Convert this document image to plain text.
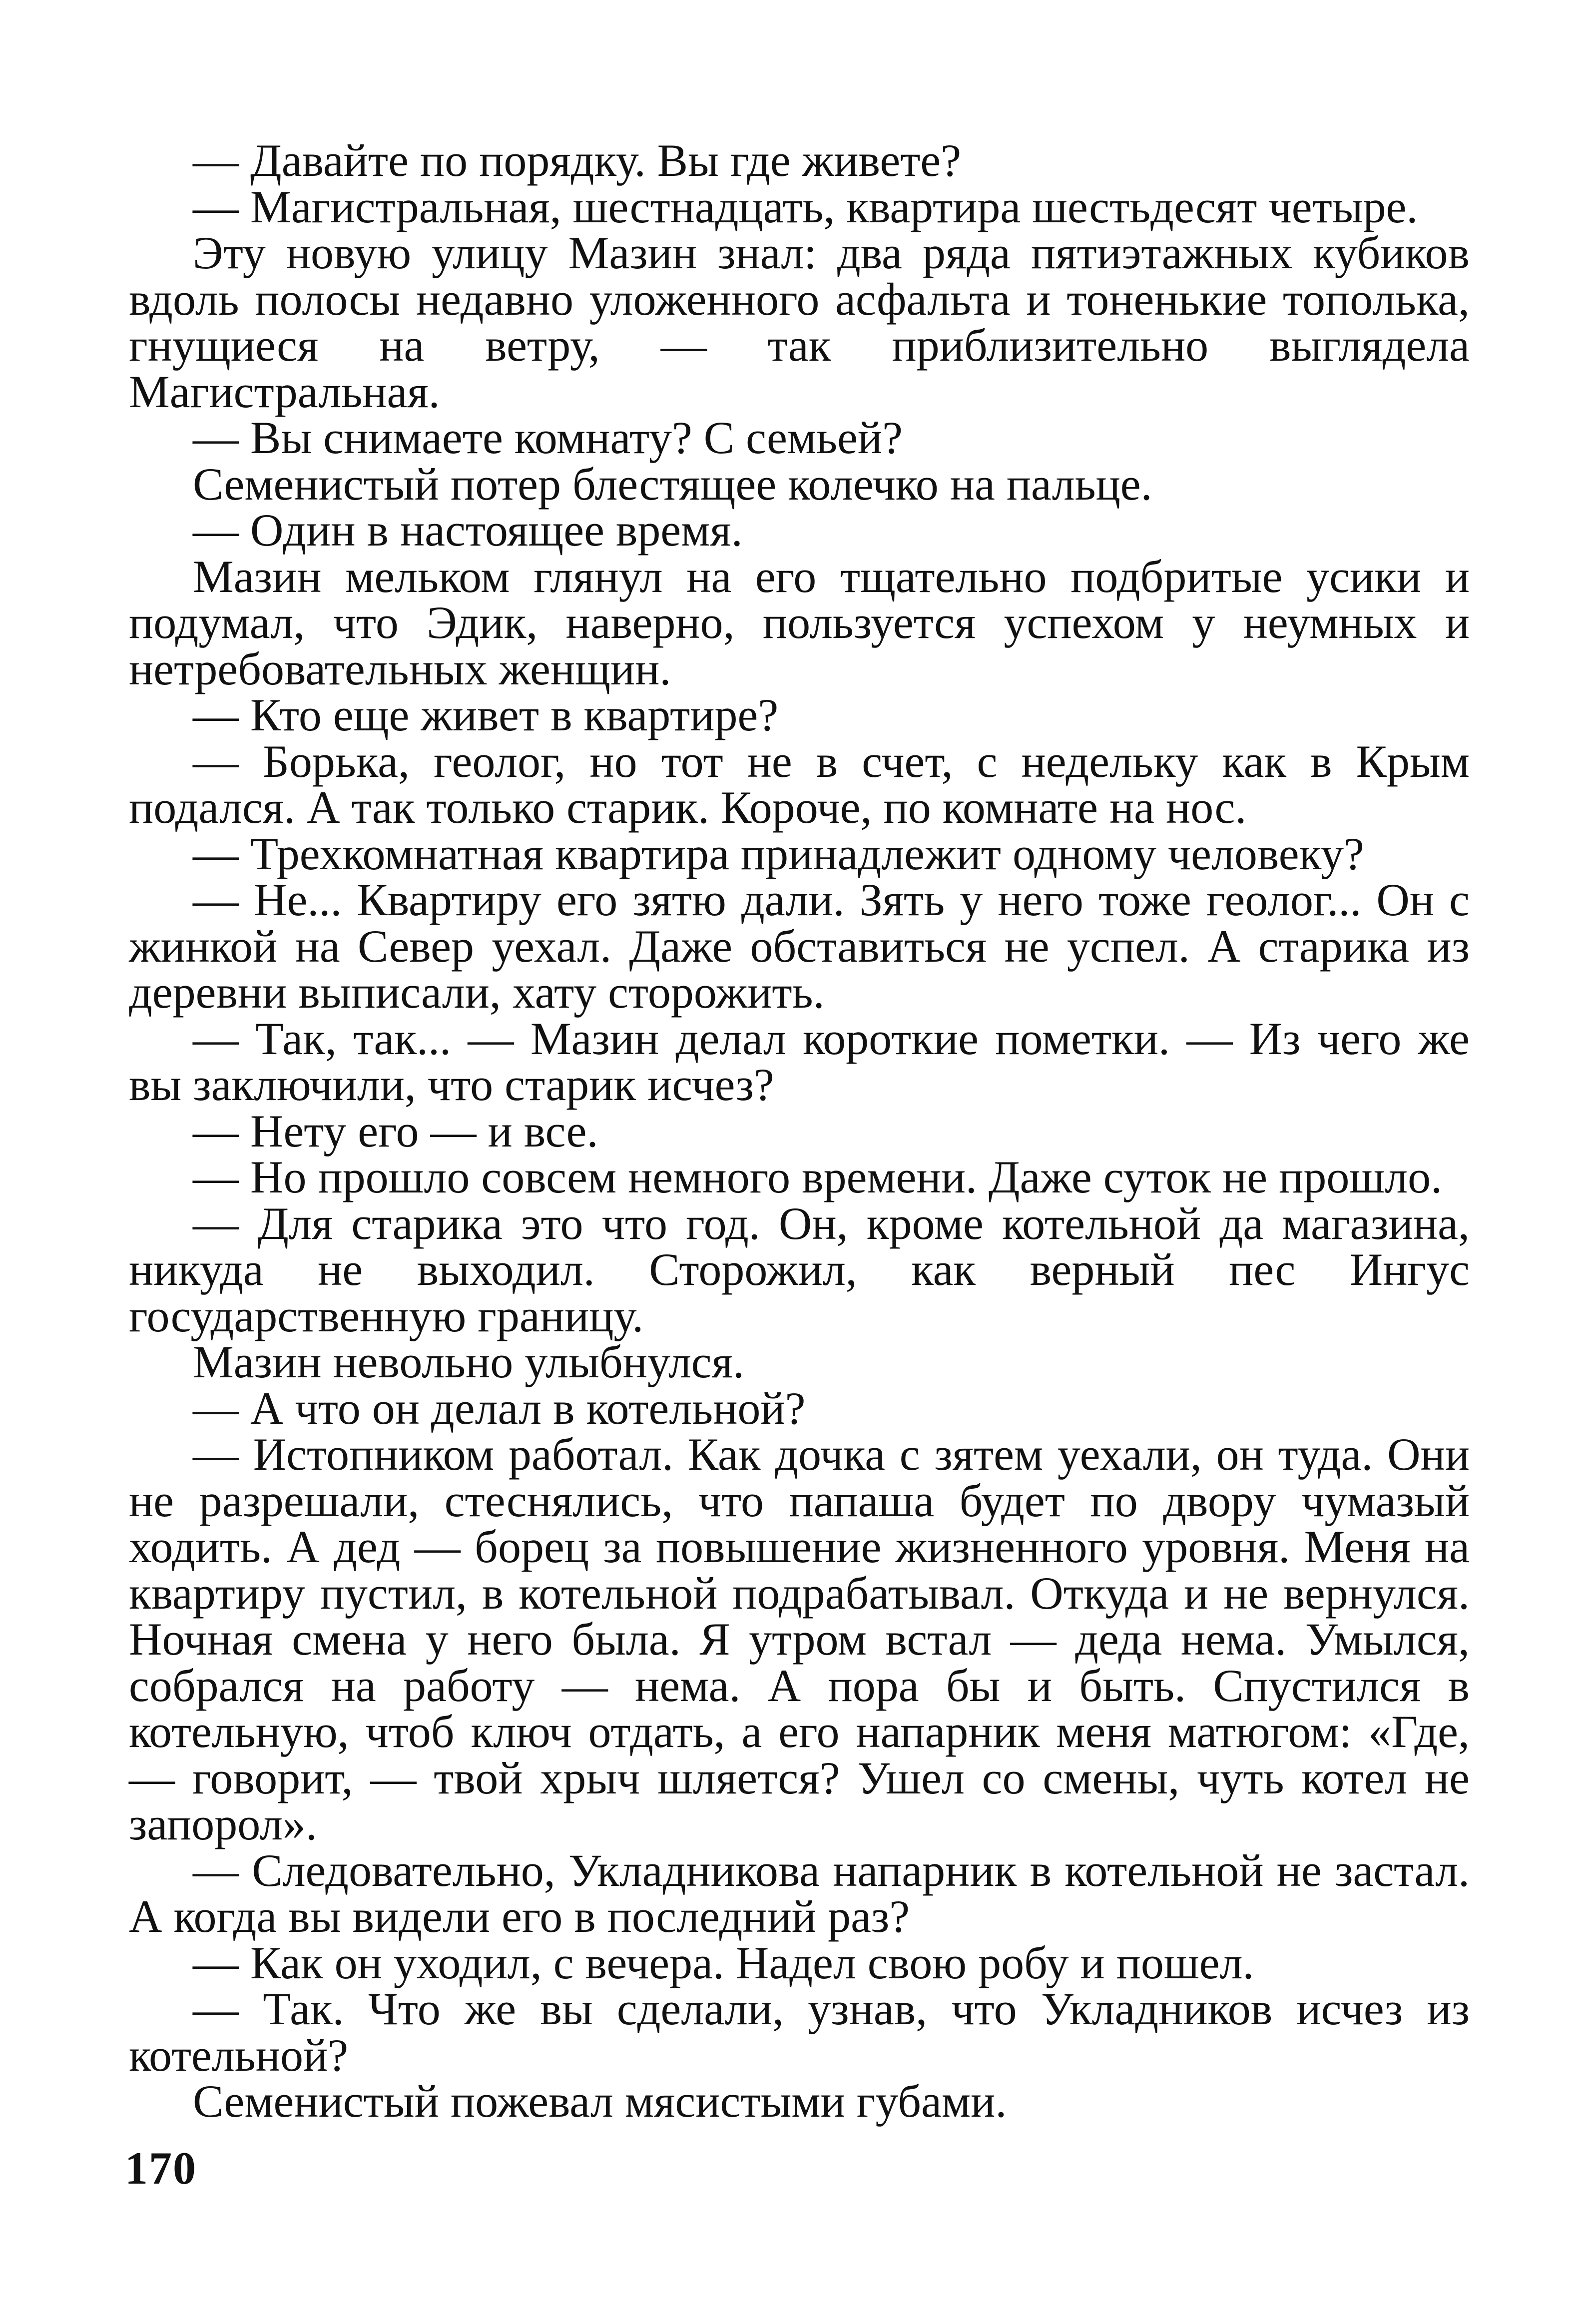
— Давайте по порядку. Вы где живете?

— Магистральная, шестнадцать, квартира шестьдесят четыре.

Эту новую улицу Мазин знал: два ряда пятиэтажных кубиков вдоль полосы недавно уложенного асфальта и тоненькие тополька, гнущиеся на ветру, — так приблизительно выглядела Магистральная.

— Вы снимаете комнату? С семьей?

Семенистый потер блестящее колечко на пальце.

— Один в настоящее время.

Мазин мельком глянул на его тщательно подбритые усики и подумал, что Эдик, наверно, пользуется успехом у неумных и нетребовательных женщин.

— Кто еще живет в квартире?

— Борька, геолог, но тот не в счет, с недельку как в Крым подался. А так только старик. Короче, по комнате на нос.

— Трехкомнатная квартира принадлежит одному человеку?

— Не... Квартиру его зятю дали. Зять у него тоже геолог... Он с жинкой на Север уехал. Даже обставиться не успел. А старика из деревни выписали, хату сторожить.

— Так, так... — Мазин делал короткие пометки. — Из чего же вы заключили, что старик исчез?

— Нету его — и все.

— Но прошло совсем немного времени. Даже суток не прошло.

— Для старика это что год. Он, кроме котельной да магазина, никуда не выходил. Сторожил, как верный пес Ингус государственную границу.

Мазин невольно улыбнулся.

— А что он делал в котельной?

— Истопником работал. Как дочка с зятем уехали, он туда. Они не разрешали, стеснялись, что папаша будет по двору чумазый ходить. А дед — борец за повышение жизненного уровня. Меня на квартиру пустил, в котельной подрабатывал. Откуда и не вернулся. Ночная смена у него была. Я утром встал — деда нема. Умылся, собрался на работу — нема. А пора бы и быть. Спустился в котельную, чтоб ключ отдать, а его напарник меня матюгом: «Где, — говорит, — твой хрыч шляется? Ушел со смены, чуть котел не запорол».

— Следовательно, Укладникова напарник в котельной не застал. А когда вы видели его в последний раз?

— Как он уходил, с вечера. Надел свою робу и пошел.

— Так. Что же вы сделали, узнав, что Укладников исчез из котельной?

Семенистый пожевал мясистыми губами.

170
